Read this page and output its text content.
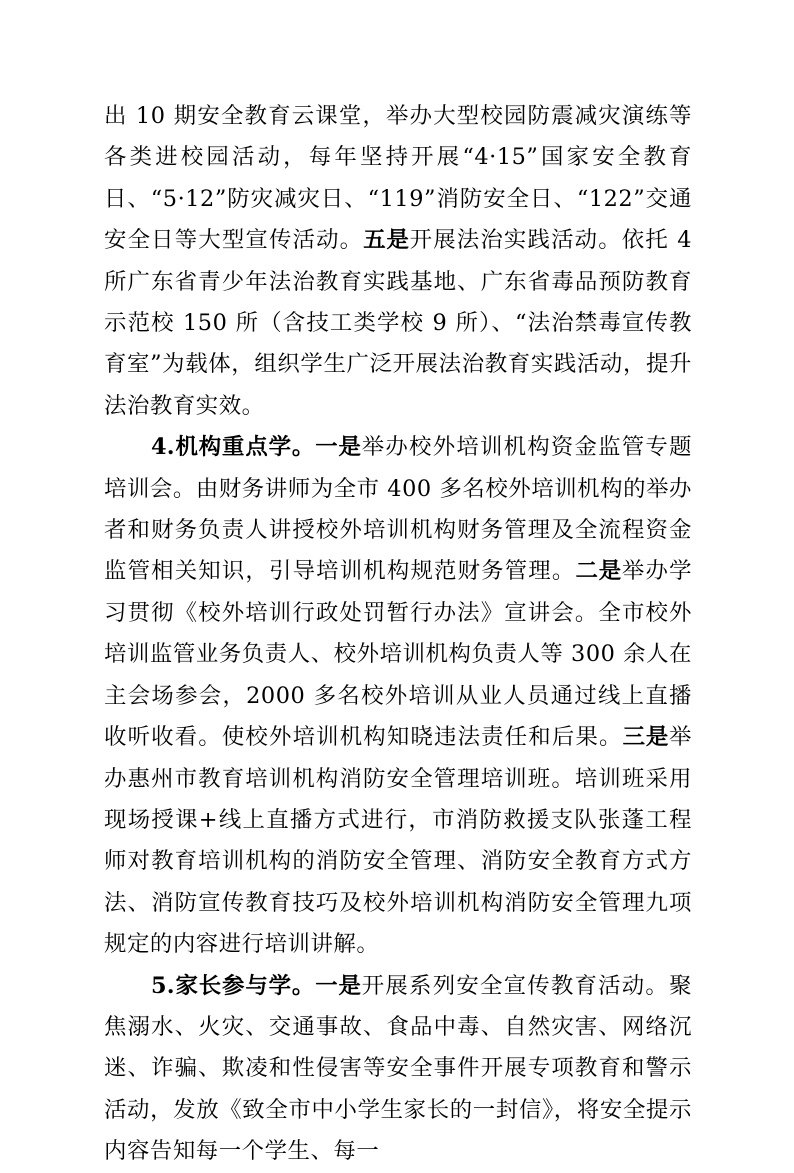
出 10 期安全教育云课堂，举办大型校园防震减灾演练等各类进校园活动，每年坚持开展“4·15”国家安全教育日、“5·12”防灾减灾日、“119”消防安全日、“122”交通安全日等大型宣传活动。五是开展法治实践活动。依托 4 所广东省青少年法治教育实践基地、广东省毒品预防教育示范校 150 所（含技工类学校 9 所）、“法治禁毒宣传教育室”为载体，组织学生广泛开展法治教育实践活动，提升法治教育实效。

4.机构重点学。一是举办校外培训机构资金监管专题培训会。由财务讲师为全市 400 多名校外培训机构的举办者和财务负责人讲授校外培训机构财务管理及全流程资金监管相关知识，引导培训机构规范财务管理。二是举办学习贯彻《校外培训行政处罚暂行办法》宣讲会。全市校外培训监管业务负责人、校外培训机构负责人等 300 余人在主会场参会，2000 多名校外培训从业人员通过线上直播收听收看。使校外培训机构知晓违法责任和后果。三是举办惠州市教育培训机构消防安全管理培训班。培训班采用现场授课+线上直播方式进行，市消防救援支队张蓬工程师对教育培训机构的消防安全管理、消防安全教育方式方法、消防宣传教育技巧及校外培训机构消防安全管理九项规定的内容进行培训讲解。

5.家长参与学。一是开展系列安全宣传教育活动。聚焦溺水、火灾、交通事故、食品中毒、自然灾害、网络沉迷、诈骗、欺凌和性侵害等安全事件开展专项教育和警示活动，发放《致全市中小学生家长的一封信》，将安全提示内容告知每一个学生、每一
